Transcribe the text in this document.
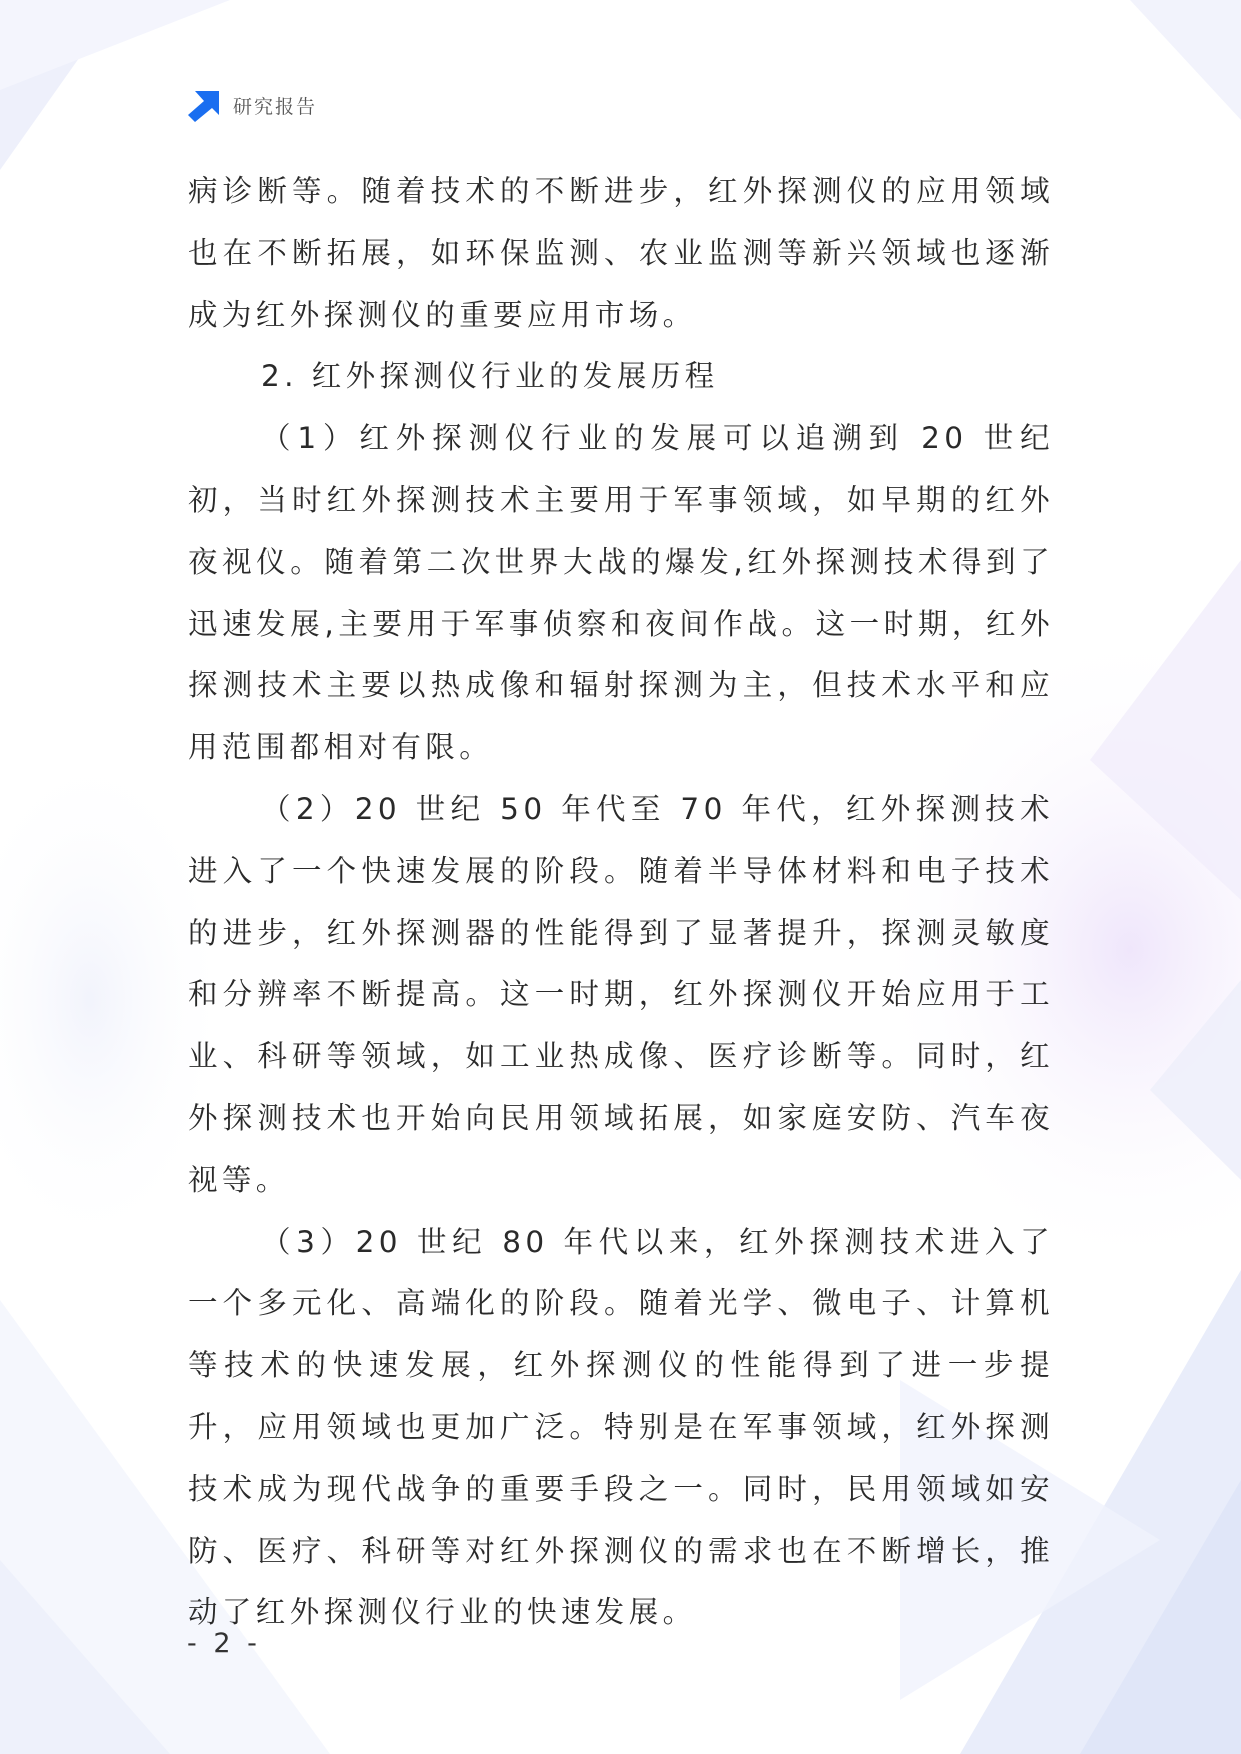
研究报告

病诊断等。随着技术的不断进步，红外探测仪的应用领域也在不断拓展，如环保监测、农业监测等新兴领域也逐渐成为红外探测仪的重要应用市场。

2. 红外探测仪行业的发展历程

（1）红外探测仪行业的发展可以追溯到 20 世纪初，当时红外探测技术主要用于军事领域，如早期的红外夜视仪。随着第二次世界大战的爆发,红外探测技术得到了迅速发展,主要用于军事侦察和夜间作战。这一时期，红外探测技术主要以热成像和辐射探测为主，但技术水平和应用范围都相对有限。

（2）20 世纪 50 年代至 70 年代，红外探测技术进入了一个快速发展的阶段。随着半导体材料和电子技术的进步，红外探测器的性能得到了显著提升，探测灵敏度和分辨率不断提高。这一时期，红外探测仪开始应用于工业、科研等领域，如工业热成像、医疗诊断等。同时，红外探测技术也开始向民用领域拓展，如家庭安防、汽车夜视等。

（3）20 世纪 80 年代以来，红外探测技术进入了一个多元化、高端化的阶段。随着光学、微电子、计算机等技术的快速发展，红外探测仪的性能得到了进一步提升，应用领域也更加广泛。特别是在军事领域，红外探测技术成为现代战争的重要手段之一。同时，民用领域如安防、医疗、科研等对红外探测仪的需求也在不断增长，推动了红外探测仪行业的快速发展。

- 2 -
